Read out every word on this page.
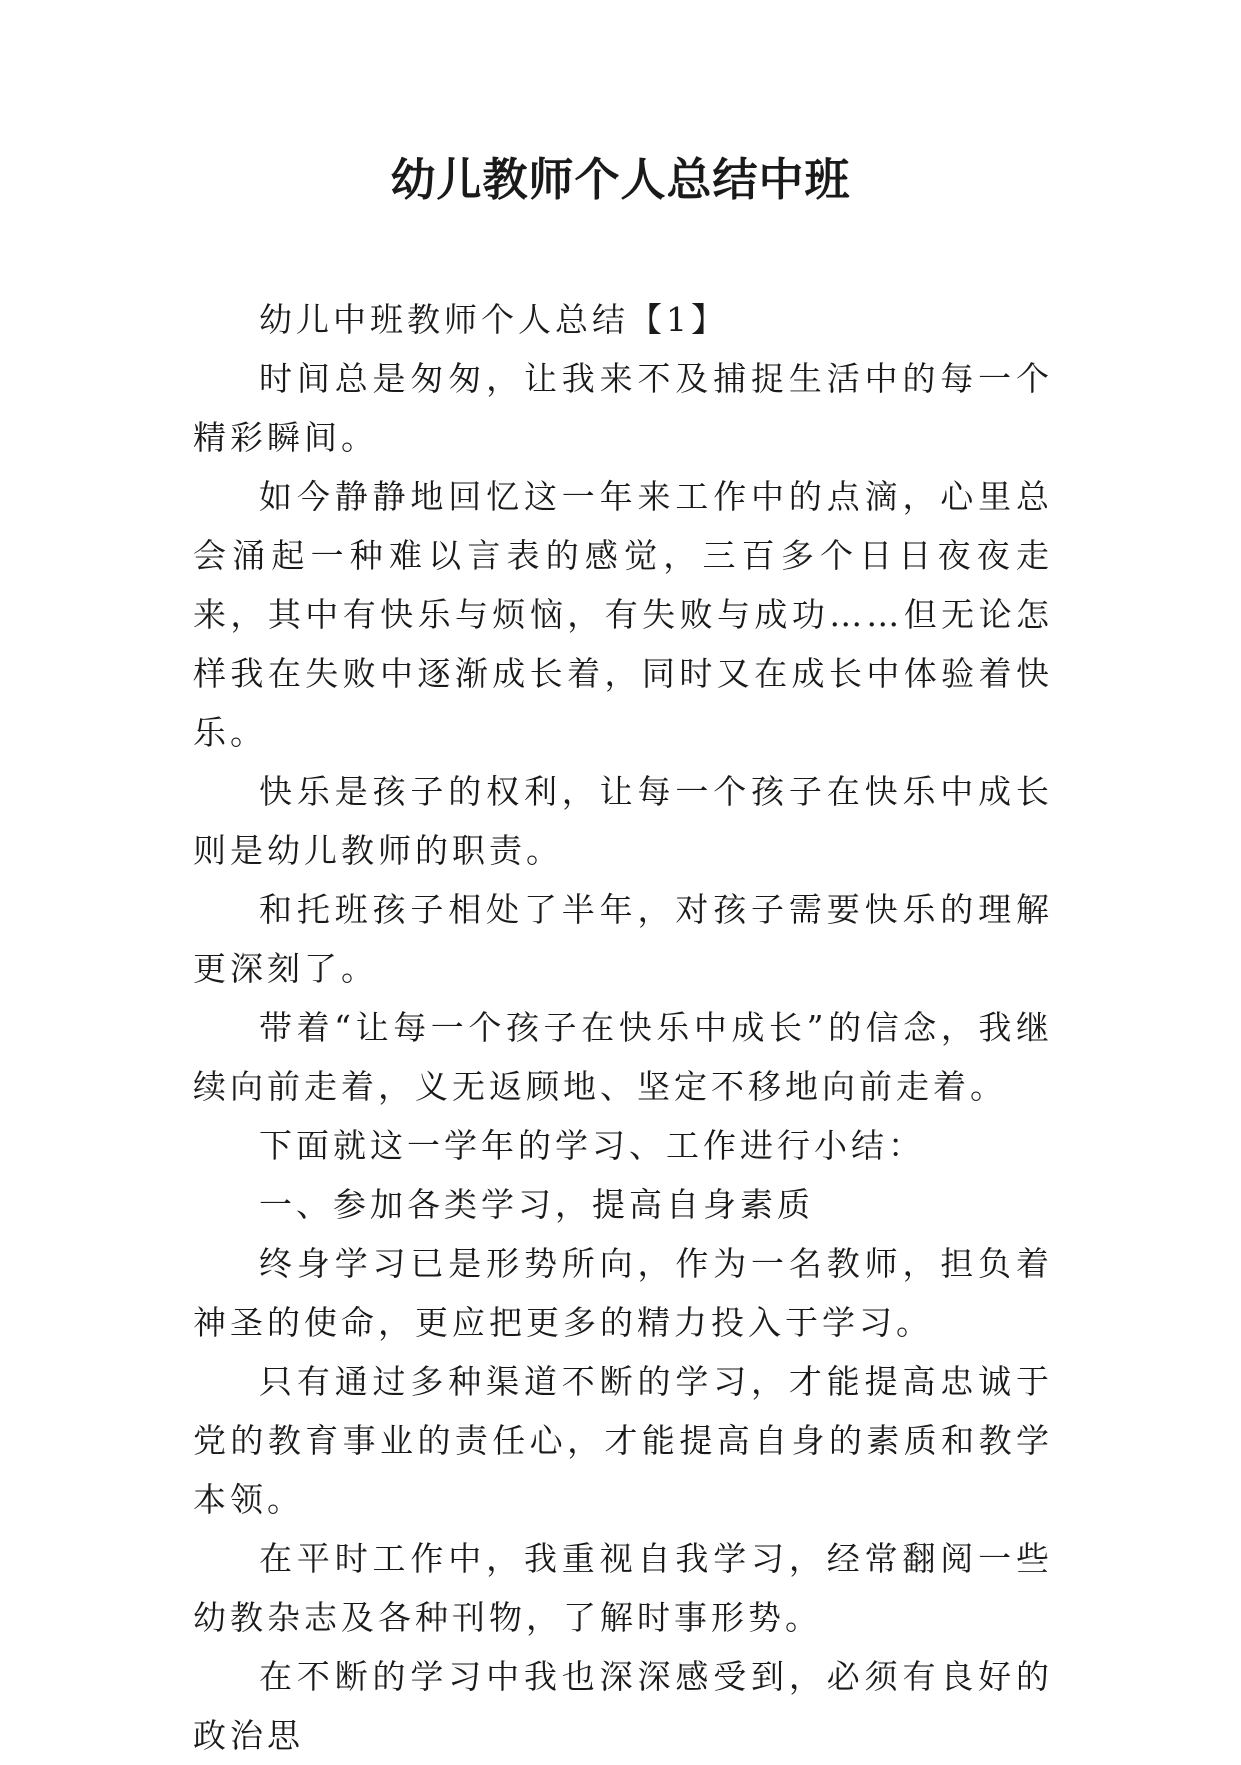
幼儿教师个人总结中班

幼儿中班教师个人总结【1】

时间总是匆匆，让我来不及捕捉生活中的每一个精彩瞬间。

如今静静地回忆这一年来工作中的点滴，心里总会涌起一种难以言表的感觉，三百多个日日夜夜走来，其中有快乐与烦恼，有失败与成功……但无论怎样我在失败中逐渐成长着，同时又在成长中体验着快乐。

快乐是孩子的权利，让每一个孩子在快乐中成长则是幼儿教师的职责。

和托班孩子相处了半年，对孩子需要快乐的理解更深刻了。

带着“让每一个孩子在快乐中成长”的信念，我继续向前走着，义无返顾地、坚定不移地向前走着。

下面就这一学年的学习、工作进行小结：

一、参加各类学习，提高自身素质

终身学习已是形势所向，作为一名教师，担负着神圣的使命，更应把更多的精力投入于学习。

只有通过多种渠道不断的学习，才能提高忠诚于党的教育事业的责任心，才能提高自身的素质和教学本领。

在平时工作中，我重视自我学习，经常翻阅一些幼教杂志及各种刊物，了解时事形势。

在不断的学习中我也深深感受到，必须有良好的政治思
